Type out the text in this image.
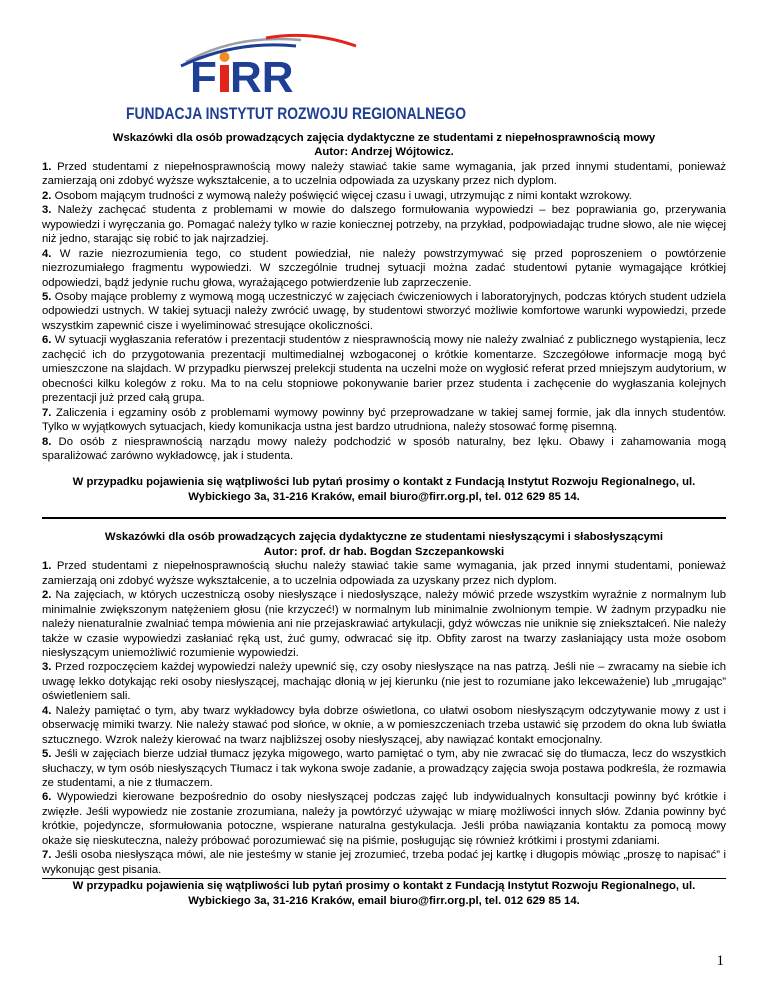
F RR
FUNDACJA INSTYTUT ROZWOJU REGIONALNEGO
Wskazówki dla osób prowadzących zajęcia dydaktyczne ze studentami z niepełnosprawnością mowy
Autor: Andrzej Wójtowicz.
1. Przed studentami z niepełnosprawnością mowy należy stawiać takie same wymagania, jak przed innymi studentami, ponieważ zamierzają oni zdobyć wyższe wykształcenie, a to uczelnia odpowiada za uzyskany przez nich dyplom.
2. Osobom mającym trudności z wymową należy poświęcić więcej czasu i uwagi, utrzymując z nimi kontakt wzrokowy.
3. Należy zachęcać studenta z problemami w mowie do dalszego formułowania wypowiedzi – bez poprawiania go, przerywania wypowiedzi i wyręczania go. Pomagać należy tylko w razie koniecznej potrzeby, na przykład, podpowiadając trudne słowo, ale nie więcej niż jedno, starając się robić to jak najrzadziej.
4. W razie niezrozumienia tego, co student powiedział, nie należy powstrzymywać się przed poproszeniem o powtórzenie niezrozumiałego fragmentu wypowiedzi. W szczególnie trudnej sytuacji można zadać studentowi pytanie wymagające krótkiej odpowiedzi, bądź jedynie ruchu głowa, wyrażającego potwierdzenie lub zaprzeczenie.
5. Osoby mające problemy z wymową mogą uczestniczyć w zajęciach ćwiczeniowych i laboratoryjnych, podczas których student udziela odpowiedzi ustnych. W takiej sytuacji należy zwrócić uwagę, by studentowi stworzyć możliwie komfortowe warunki wypowiedzi, przede wszystkim zapewnić cisze i wyeliminować stresujące okoliczności.
6. W sytuacji wygłaszania referatów i prezentacji studentów z niesprawnością mowy nie należy zwalniać z publicznego wystąpienia, lecz zachęcić ich do przygotowania prezentacji multimedialnej wzbogaconej o krótkie komentarze. Szczegółowe informacje mogą być umieszczone na slajdach. W przypadku pierwszej prelekcji studenta na uczelni może on wygłosić referat przed mniejszym audytorium, w obecności kilku kolegów z roku. Ma to na celu stopniowe pokonywanie barier przez studenta i zachęcenie do wygłaszania kolejnych prezentacji już przed całą grupa.
7. Zaliczenia i egzaminy osób z problemami wymowy powinny być przeprowadzane w takiej samej formie, jak dla innych studentów. Tylko w wyjątkowych sytuacjach, kiedy komunikacja ustna jest bardzo utrudniona, należy stosować formę pisemną.
8. Do osób z niesprawnością narządu mowy należy podchodzić w sposób naturalny, bez lęku. Obawy i zahamowania mogą sparaliżować zarówno wykładowcę, jak i studenta.
W przypadku pojawienia się wątpliwości lub pytań prosimy o kontakt z Fundacją Instytut Rozwoju Regionalnego, ul. Wybickiego 3a, 31-216 Kraków, email biuro@firr.org.pl, tel. 012 629 85 14.
Wskazówki dla osób prowadzących zajęcia dydaktyczne ze studentami niesłyszącymi i słabosłyszącymi
Autor: prof. dr hab. Bogdan Szczepankowski
1. Przed studentami z niepełnosprawnością słuchu należy stawiać takie same wymagania, jak przed innymi studentami, ponieważ zamierzają oni zdobyć wyższe wykształcenie, a to uczelnia odpowiada za uzyskany przez nich dyplom.
2. Na zajęciach, w których uczestniczą osoby niesłyszące i niedosłyszące, należy mówić przede wszystkim wyraźnie z normalnym lub minimalnie zwiększonym natężeniem głosu (nie krzyczeć!) w normalnym lub minimalnie zwolnionym tempie. W żadnym przypadku nie należy nienaturalnie zwalniać tempa mówienia ani nie przejaskrawiać artykulacji, gdyż wówczas nie uniknie się zniekształceń. Nie należy także w czasie wypowiedzi zasłaniać ręką ust, żuć gumy, odwracać się itp. Obfity zarost na twarzy zasłaniający usta może osobom niesłyszącym uniemożliwić rozumienie wypowiedzi.
3. Przed rozpoczęciem każdej wypowiedzi należy upewnić się, czy osoby niesłyszące na nas patrzą. Jeśli nie – zwracamy na siebie ich uwagę lekko dotykając reki osoby niesłyszącej, machając dłonią w jej kierunku (nie jest to rozumiane jako lekceważenie) lub „mrugając” oświetleniem sali.
4. Należy pamiętać o tym, aby twarz wykładowcy była dobrze oświetlona, co ułatwi osobom niesłyszącym odczytywanie mowy z ust i obserwację mimiki twarzy. Nie należy stawać pod słońce, w oknie, a w pomieszczeniach trzeba ustawić się przodem do okna lub światła sztucznego. Wzrok należy kierować na twarz najbliższej osoby niesłyszącej, aby nawiązać kontakt emocjonalny.
5. Jeśli w zajęciach bierze udział tłumacz języka migowego, warto pamiętać o tym, aby nie zwracać się do tłumacza, lecz do wszystkich słuchaczy, w tym osób niesłyszących Tłumacz i tak wykona swoje zadanie, a prowadzący zajęcia swoja postawa podkreśla, że rozmawia ze studentami, a nie z tłumaczem.
6. Wypowiedzi kierowane bezpośrednio do osoby niesłyszącej podczas zajęć lub indywidualnych konsultacji powinny być krótkie i zwięzłe. Jeśli wypowiedz nie zostanie zrozumiana, należy ja powtórzyć używając w miarę możliwości innych słów. Zdania powinny być krótkie, pojedyncze, sformułowania potoczne, wspierane naturalna gestykulacja. Jeśli próba nawiązania kontaktu za pomocą mowy okaże się nieskuteczna, należy próbować porozumiewać się na piśmie, posługując się również krótkimi i prostymi zdaniami.
7. Jeśli osoba niesłysząca mówi, ale nie jesteśmy w stanie jej zrozumieć, trzeba podać jej kartkę i długopis mówiąc „proszę to napisać” i wykonując gest pisania.
W przypadku pojawienia się wątpliwości lub pytań prosimy o kontakt z Fundacją Instytut Rozwoju Regionalnego, ul. Wybickiego 3a, 31-216 Kraków, email biuro@firr.org.pl, tel. 012 629 85 14.
1
